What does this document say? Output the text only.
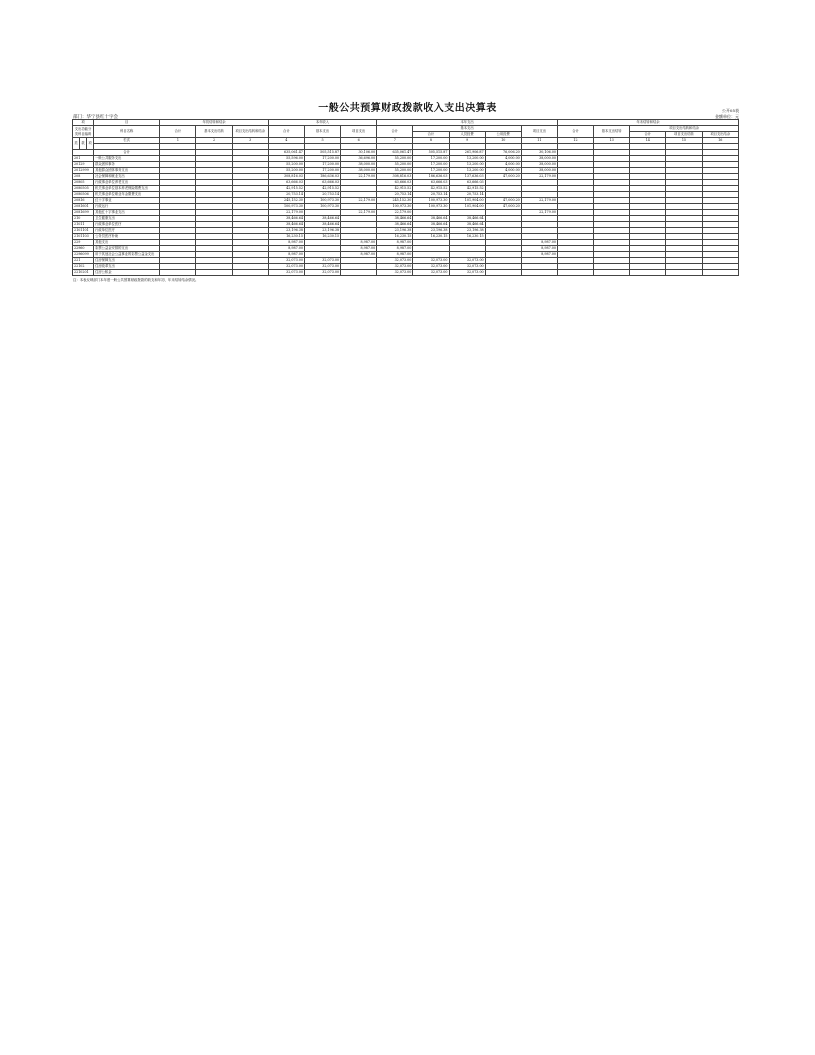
一般公共预算财政拨款收入支出决算表	公开05表
部门：华宁县红十字会	金额单位：元
项			目	年初结转和结余			本年收入			本年支出					年末结转和结余				
支出功能分类科目编码			科目名称	合计	基本支出结转	项目支出结转和结余	合计	基本支出	项目支出	合计	基本支出			项目支出	合计	基本支出结转	项目支出结转和结余		
											合计	人员经费	公用经费				合计	项目支出结转	项目支出结余

类	款	项	栏次	1	2	3	4	5	6	7	8	9	10	11	12	13	14	15	16

			合计				635,061.47	505,515.87	30,106.00	635,061.47	505,515.87	261,906.87	76,006.20	30,106.00					
201			一般公共服务支出				55,596.00	17,200.00	36,696.00	55,200.00	17,200.00	13,200.00	4,000.00	38,000.00					
20129			群众团体事务				55,200.00	17,200.00	38,000.00	55,200.00	17,200.00	13,200.00	4,000.00	38,000.00					
2012999			其他群众团体事务支出				55,200.00	17,200.00	38,000.00	55,200.00	17,200.00	13,200.00	4,000.00	38,000.00					
208			社会保障和就业支出				308,816.03	186,636.03	22,179.00	308,816.03	186,636.03	137,636.03	47,000.20	22,179.00					
20805			行政事业单位养老支出				63,666.03	63,666.03		63,666.03	63,666.03	63,666.03							
2080505			机关事业单位基本养老保险缴费支出				42,915.52	42,915.52		42,915.52	42,915.52	42,915.52							
2080506			机关事业单位职业年金缴费支出				20,753.14	20,753.14		20,753.14	20,753.14	20,753.14							
20816			红十字事业				245,152.30	100,973.30	22,179.00	245,152.30	100,973.30	101,904.00	47,000.20	22,179.00					
2081601			行政运行				100,973.30	100,973.30		100,973.30	100,973.30	101,904.00	47,000.20						
2081699			其他红十字事业支出				22,179.00		22,179.00	22,179.00				22,179.00					
210			卫生健康支出				38,466.64	38,466.64		38,466.64	38,466.64	38,466.64							
21011			行政事业单位医疗				38,466.64	38,466.64		38,466.64	38,466.64	38,466.64							
2101101			行政单位医疗				23,196.38	23,196.38		23,196.38	23,196.38	23,196.38							
2101103			公务员医疗补助				16,230.15	16,230.15		16,230.15	16,230.15	16,230.15							
229			其他支出				8,987.00		8,987.00	8,987.00				8,987.00					
22960			彩票公益金安排的支出				8,987.00		8,987.00	8,987.00				8,987.00					
2296099			用于其他社会公益事业的彩票公益金支出				8,987.00		8,987.00	8,987.00				8,987.00					
221			住房保障支出				32,073.00	32,073.00		32,073.00	32,073.00	32,073.00							
22102			住房改革支出				32,073.00	32,073.00		32,073.00	32,073.00	32,073.00							
2210201			住房公积金				32,073.00	32,073.00		32,073.00	32,073.00	32,073.00							
注：本表反映部门本年度一般公共预算财政拨款的收支和年初、年末结转结余情况。
